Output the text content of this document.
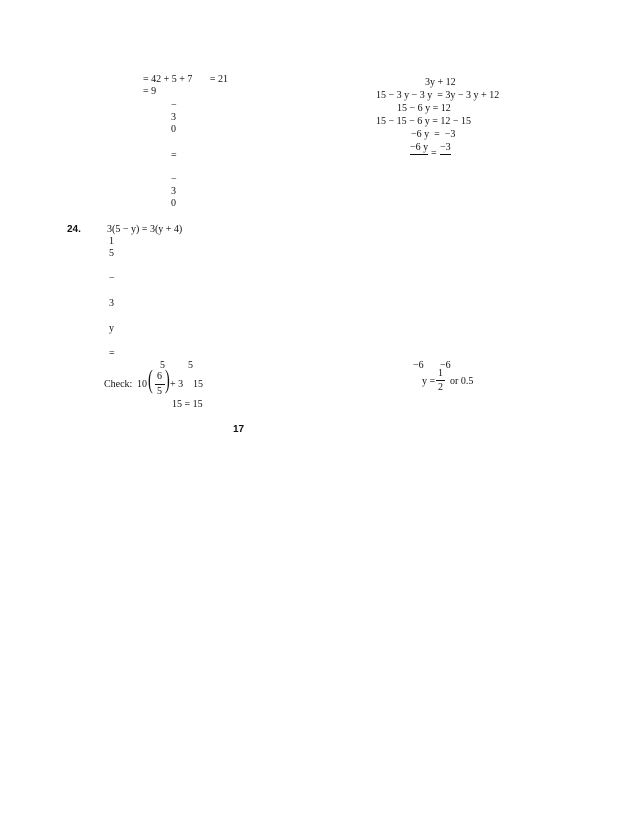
= 42 + 5 + 7       = 21
= 9
−
3
0
=
−
3
0
3y + 12
15 − 3 y − 3 y  = 3y − 3 y + 12
15 − 6 y = 12
15 − 15 − 6 y = 12 − 15
−6 y  =  −3
−6 y
=
−3
24.	3(5 − y) = 3(y + 4)
1
5
−
3
y
=
5 5	−6 −6
Check: 10 ( 6
5 ) + 3 15
15 = 15
y =
1
2
or 0.5
17
